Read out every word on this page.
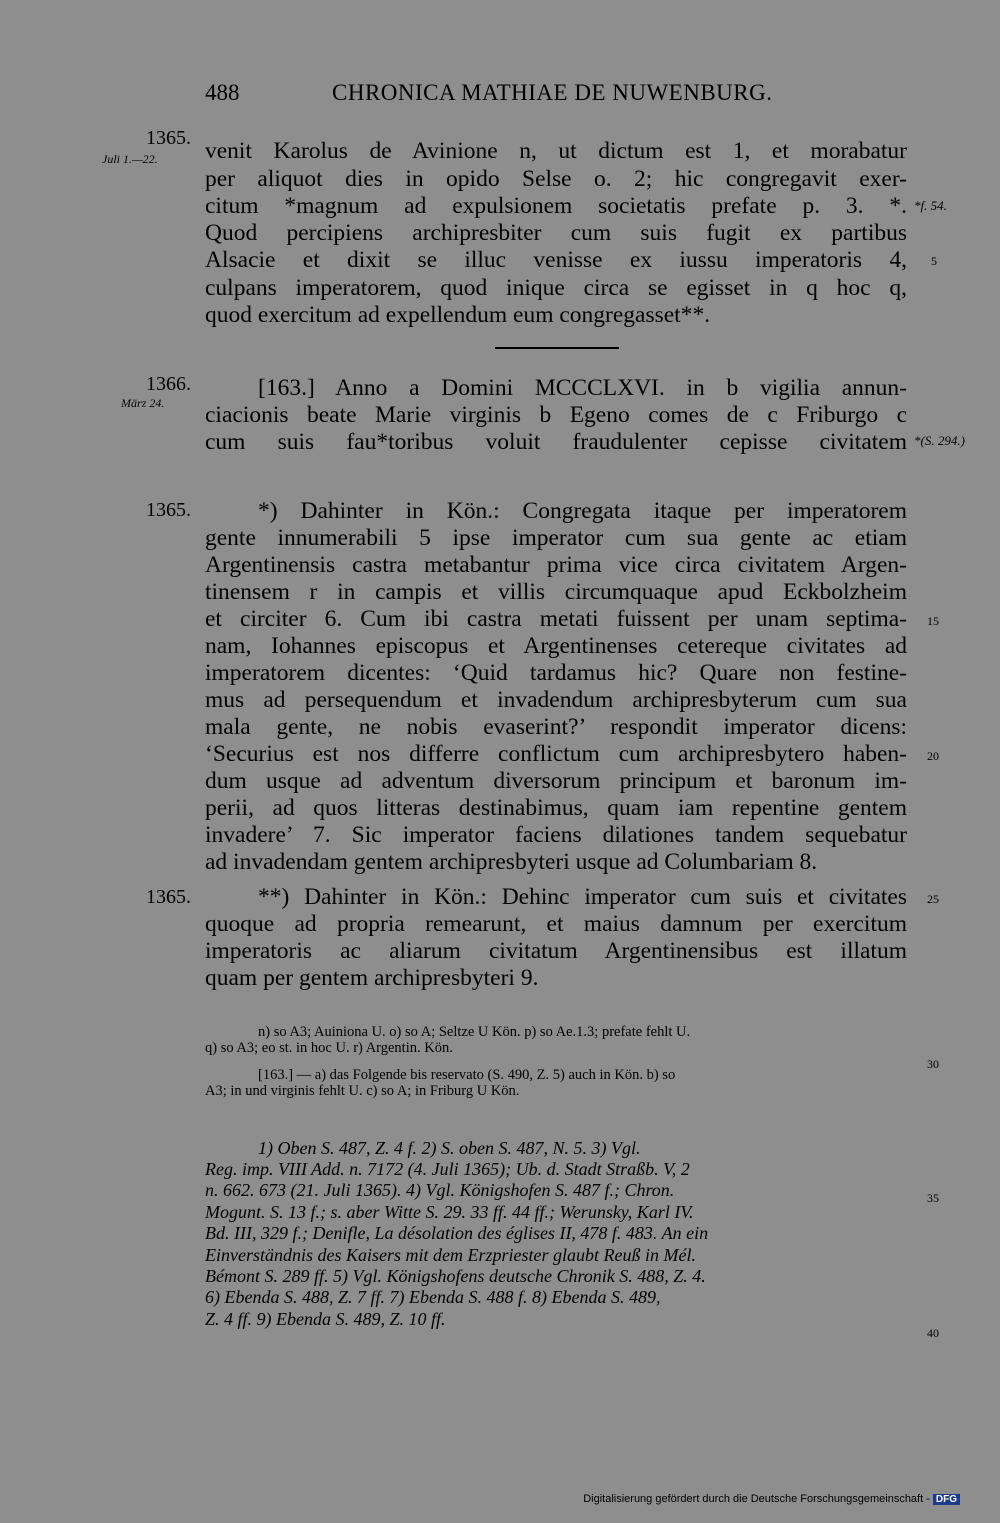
488	CHRONICA MATHIAE DE NUWENBURG.
1365.
Juli 1.—22.
1366.
März 24.
1365.
1365.
*f. 54.
*(S. 294.)
5
15
20
25
30
35
40
venit Karolus de Avinione n, ut dictum est 1, et morabatur
per aliquot dies in opido Selse o. 2; hic congregavit exer-
citum *magnum ad expulsionem societatis prefate p. 3. *.
Quod percipiens archipresbiter cum suis fugit ex partibus
Alsacie et dixit se illuc venisse ex iussu imperatoris 4,
culpans imperatorem, quod inique circa se egisset in q hoc q,
quod exercitum ad expellendum eum congregasset**.
[163.] Anno a Domini MCCCLXVI. in b vigilia annun-
ciacionis beate Marie virginis b Egeno comes de c Friburgo c
cum suis fau*toribus voluit fraudulenter cepisse civitatem
*) Dahinter in Kön.: Congregata itaque per imperatorem
gente innumerabili 5 ipse imperator cum sua gente ac etiam
Argentinensis castra metabantur prima vice circa civitatem Argen-
tinensem r in campis et villis circumquaque apud Eckbolzheim
et circiter 6. Cum ibi castra metati fuissent per unam septima-
nam, Iohannes episcopus et Argentinenses cetereque civitates ad
imperatorem dicentes: ‘Quid tardamus hic? Quare non festine-
mus ad persequendum et invadendum archipresbyterum cum sua
mala gente, ne nobis evaserint?’ respondit imperator dicens:
‘Securius est nos differre conflictum cum archipresbytero haben-
dum usque ad adventum diversorum principum et baronum im-
perii, ad quos litteras destinabimus, quam iam repentine gentem
invadere’ 7. Sic imperator faciens dilationes tandem sequebatur
ad invadendam gentem archipresbyteri usque ad Columbariam 8.
**) Dahinter in Kön.: Dehinc imperator cum suis et civitates
quoque ad propria remearunt, et maius damnum per exercitum
imperatoris ac aliarum civitatum Argentinensibus est illatum
quam per gentem archipresbyteri 9.
n) so A3; Auiniona U. o) so A; Seltze U Kön. p) so Ae.1.3; prefate fehlt U.
q) so A3; eo st. in hoc U. r) Argentin. Kön.
[163.] — a) das Folgende bis reservato (S. 490, Z. 5) auch in Kön. b) so
A3; in und virginis fehlt U. c) so A; in Friburg U Kön.
1) Oben S. 487, Z. 4 f. 2) S. oben S. 487, N. 5. 3) Vgl.
Reg. imp. VIII Add. n. 7172 (4. Juli 1365); Ub. d. Stadt Straßb. V, 2
n. 662. 673 (21. Juli 1365). 4) Vgl. Königshofen S. 487 f.; Chron.
Mogunt. S. 13 f.; s. aber Witte S. 29. 33 ff. 44 ff.; Werunsky, Karl IV.
Bd. III, 329 f.; Denifle, La désolation des églises II, 478 f. 483. An ein
Einverständnis des Kaisers mit dem Erzpriester glaubt Reuß in Mél.
Bémont S. 289 ff. 5) Vgl. Königshofens deutsche Chronik S. 488, Z. 4.
6) Ebenda S. 488, Z. 7 ff. 7) Ebenda S. 488 f. 8) Ebenda S. 489,
Z. 4 ff. 9) Ebenda S. 489, Z. 10 ff.
Digitalisierung gefördert durch die Deutsche Forschungsgemeinschaft - DFG
